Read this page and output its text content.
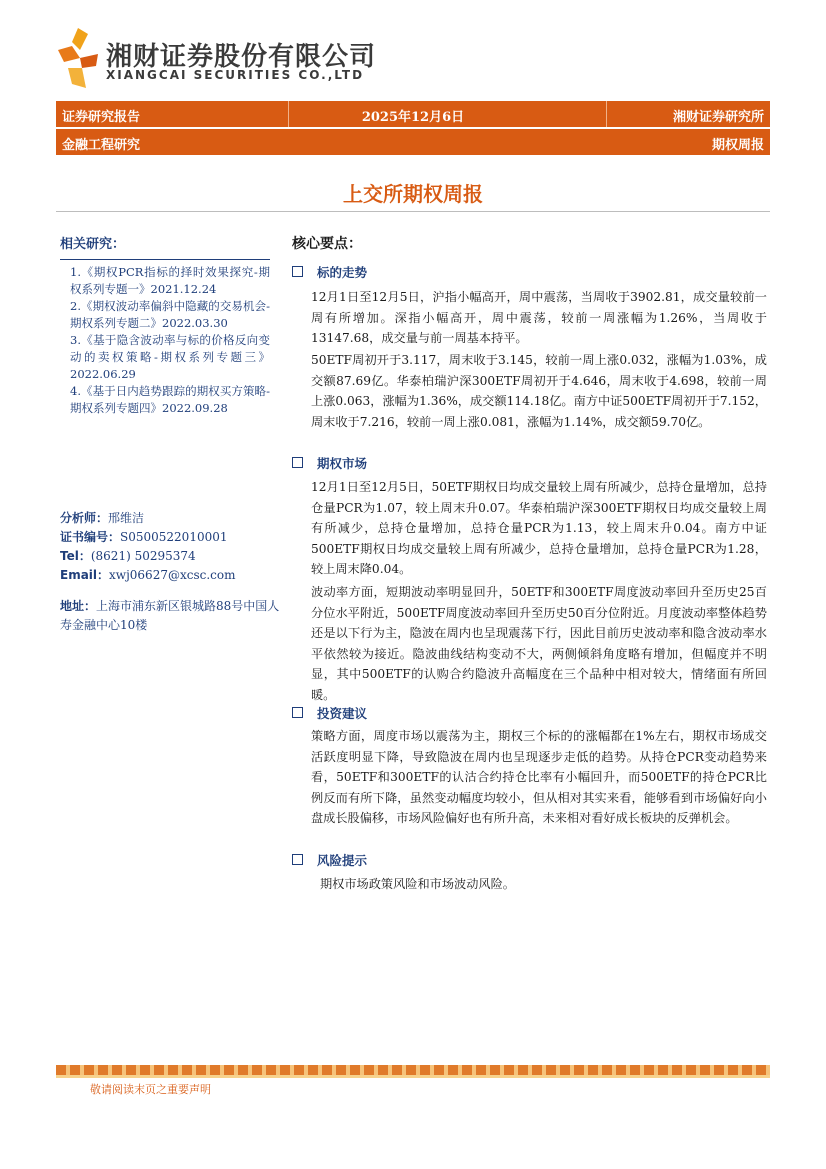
湘财证券股份有限公司
XIANGCAI SECURITIES CO.,LTD
证券研究报告	2025年12月6日	湘财证券研究所
金融工程研究	期权周报
上交所期权周报
相关研究：
1.《期权PCR指标的择时效果探究-期权系列专题一》2021.12.24
2.《期权波动率偏斜中隐藏的交易机会-期权系列专题二》2022.03.30
3.《基于隐含波动率与标的价格反向变动的卖权策略-期权系列专题三》2022.06.29
4.《基于日内趋势跟踪的期权买方策略-期权系列专题四》2022.09.28
分析师：邢维洁
证书编号：S0500522010001
Tel：(8621) 50295374
Email：xwj06627@xcsc.com
地址：上海市浦东新区银城路88号中国人寿金融中心10楼
核心要点：
标的走势
12月1日至12月5日，沪指小幅高开，周中震荡，当周收于3902.81，成交量较前一周有所增加。深指小幅高开，周中震荡，较前一周涨幅为1.26%，当周收于13147.68，成交量与前一周基本持平。
50ETF周初开于3.117，周末收于3.145，较前一周上涨0.032，涨幅为1.03%，成交额87.69亿。华泰柏瑞沪深300ETF周初开于4.646，周末收于4.698，较前一周上涨0.063，涨幅为1.36%，成交额114.18亿。南方中证500ETF周初开于7.152，周末收于7.216，较前一周上涨0.081，涨幅为1.14%，成交额59.70亿。
期权市场
12月1日至12月5日，50ETF期权日均成交量较上周有所减少，总持仓量增加，总持仓量PCR为1.07，较上周末升0.07。华泰柏瑞沪深300ETF期权日均成交量较上周有所减少，总持仓量增加，总持仓量PCR为1.13，较上周末升0.04。南方中证500ETF期权日均成交量较上周有所减少，总持仓量增加，总持仓量PCR为1.28，较上周末降0.04。
波动率方面，短期波动率明显回升，50ETF和300ETF周度波动率回升至历史25百分位水平附近，500ETF周度波动率回升至历史50百分位附近。月度波动率整体趋势还是以下行为主，隐波在周内也呈现震荡下行，因此目前历史波动率和隐含波动率水平依然较为接近。隐波曲线结构变动不大，两侧倾斜角度略有增加，但幅度并不明显，其中500ETF的认购合约隐波升高幅度在三个品种中相对较大，情绪面有所回暖。
投资建议
策略方面，周度市场以震荡为主，期权三个标的的涨幅都在1%左右，期权市场成交活跃度明显下降，导致隐波在周内也呈现逐步走低的趋势。从持仓PCR变动趋势来看，50ETF和300ETF的认沽合约持仓比率有小幅回升，而500ETF的持仓PCR比例反而有所下降，虽然变动幅度均较小，但从相对其实来看，能够看到市场偏好向小盘成长股偏移，市场风险偏好也有所升高，未来相对看好成长板块的反弹机会。
风险提示
期权市场政策风险和市场波动风险。
敬请阅读末页之重要声明
